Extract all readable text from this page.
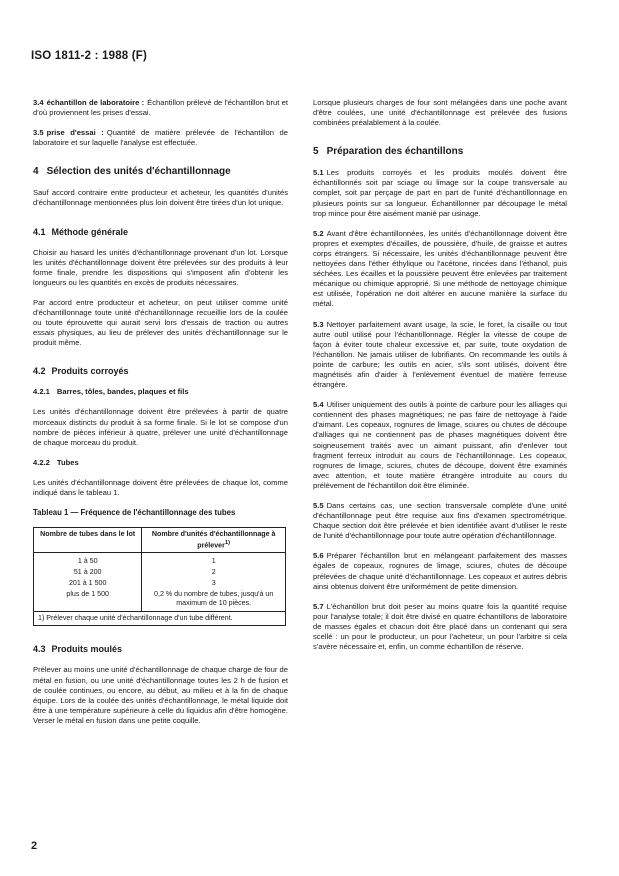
ISO 1811-2 : 1988 (F)

3.4 échantillon de laboratoire : Échantillon prélevé de l'échantillon brut et d'où proviennent les prises d'essai.

3.5 prise d'essai : Quantité de matière prélevée de l'échantillon de laboratoire et sur laquelle l'analyse est effectuée.

4 Sélection des unités d'échantillonnage

Sauf accord contraire entre producteur et acheteur, les quantités d'unités d'échantillonnage mentionnées plus loin doivent être tirées d'un lot unique.

4.1 Méthode générale

Choisir au hasard les unités d'échantillonnage provenant d'un lot. Lorsque les unités d'échantillonnage doivent être prélevées sur des produits à leur forme finale, prendre les dispositions qui s'imposent afin d'obtenir les longueurs ou les quantités en excès de produits nécessaires.

Par accord entre producteur et acheteur, on peut utiliser comme unité d'échantillonnage toute unité d'échantillonnage recueillie lors de la coulée ou toute éprouvette qui aurait servi lors d'essais de traction ou autres essais physiques, au lieu de prélever des unités d'échantillonnage sur le produit même.

4.2 Produits corroyés
4.2.1 Barres, tôles, bandes, plaques et fils

Les unités d'échantillonnage doivent être prélevées à partir de quatre morceaux distincts du produit à sa forme finale. Si le lot se compose d'un nombre de pièces inférieur à quatre, prélever une unité d'échantillonnage de chaque morceau du produit.

4.2.2 Tubes

Les unités d'échantillonnage doivent être prélevées de chaque lot, comme indiqué dans le tableau 1.

Tableau 1 — Fréquence de l'échantillonnage des tubes
Nombre de tubes dans le lot	Nombre d'unités d'échantillonnage à prélever$^{1)}$
1 à 50	1
51 à 200	2
201 à 1 500	3
plus de 1 500	0,2 % du nombre de tubes, jusqu'à un maximum de 10 pièces.
1) Prélever chaque unité d'échantillonnage d'un tube différent.	
4.3 Produits moulés

Prélever au moins une unité d'échantillonnage de chaque charge de four de métal en fusion, ou une unité d'échantillonnage toutes les 2 h de fusion et de coulée continues, ou encore, au début, au milieu et à la fin de chaque équipe. Lors de la coulée des unités d'échantillonnage, le métal liquide doit être à une température supérieure à celle du liquidus afin d'être homogène. Verser le métal en fusion dans une petite coquille.

Lorsque plusieurs charges de four sont mélangées dans une poche avant d'être coulées, une unité d'échantillonnage est prélevée des fusions combinées préalablement à la coulée.

5 Préparation des échantillons

5.1 Les produits corroyés et les produits moulés doivent être échantillonnés soit par sciage ou limage sur la coupe transversale au complet, soit par perçage de part en part de l'unité d'échantillonnage en plusieurs points sur sa longueur. Échantillonner par découpage le métal trop mince pour être aisément manié par usinage.

5.2 Avant d'être échantillonnées, les unités d'échantillonnage doivent être propres et exemptes d'écailles, de poussière, d'huile, de graisse et autres corps étrangers. Si nécessaire, les unités d'échantillonnage peuvent être nettoyées dans l'éther éthylique ou l'acétone, rincées dans l'éthanol, puis séchées. Les écailles et la poussière peuvent être enlevées par traitement mécanique ou chimique approprié. Si une méthode de nettoyage chimique est utilisée, l'opération ne doit altérer en aucune manière la surface du métal.

5.3 Nettoyer parfaitement avant usage, la scie, le foret, la cisaille ou tout autre outil utilisé pour l'échantillonnage. Régler la vitesse de coupe de façon à éviter toute chaleur excessive et, par suite, toute oxydation de l'échantillon. Ne jamais utiliser de lubrifiants. On recommande les outils à pointe de carbure; les outils en acier, s'ils sont utilisés, doivent être magnétisés afin d'aider à l'enlèvement éventuel de matière ferreuse étrangère.

5.4 Utiliser uniquement des outils à pointe de carbure pour les alliages qui contiennent des phases magnétiques; ne pas faire de nettoyage à l'aide d'aimant. Les copeaux, rognures de limage, sciures ou chutes de découpe d'alliages qui ne contiennent pas de phases magnétiques doivent être soigneusement traités avec un aimant puissant, afin d'enlever tout fragment ferreux introduit au cours de l'échantillonnage. Les copeaux, rognures de limage, sciures, chutes de découpe, doivent être examinés avec attention, et toute matière étrangère introduite au cours du prélèvement de l'échantillon doit être éliminée.

5.5 Dans certains cas, une section transversale complète d'une unité d'échantillonnage peut être requise aux fins d'examen spectrométrique. Chaque section doit être prélevée et bien identifiée avant d'utiliser le reste de l'unité d'échantillonnage pour toute autre opération d'échantillonnage.

5.6 Préparer l'échantillon brut en mélangeant parfaitement des masses égales de copeaux, rognures de limage, sciures, chutes de découpe prélevées de chaque unité d'échantillonnage. Les copeaux et autres débris ainsi obtenus doivent être uniformément de petite dimension.

5.7 L'échantillon brut doit peser au moins quatre fois la quantité requise pour l'analyse totale; il doit être divisé en quatre échantillons de laboratoire de masses égales et chacun doit être placé dans un contenant qui sera scellé : un pour le producteur, un pour l'acheteur, un pour l'arbitre si cela s'avère nécessaire et, enfin, un comme échantillon de réserve.

2
